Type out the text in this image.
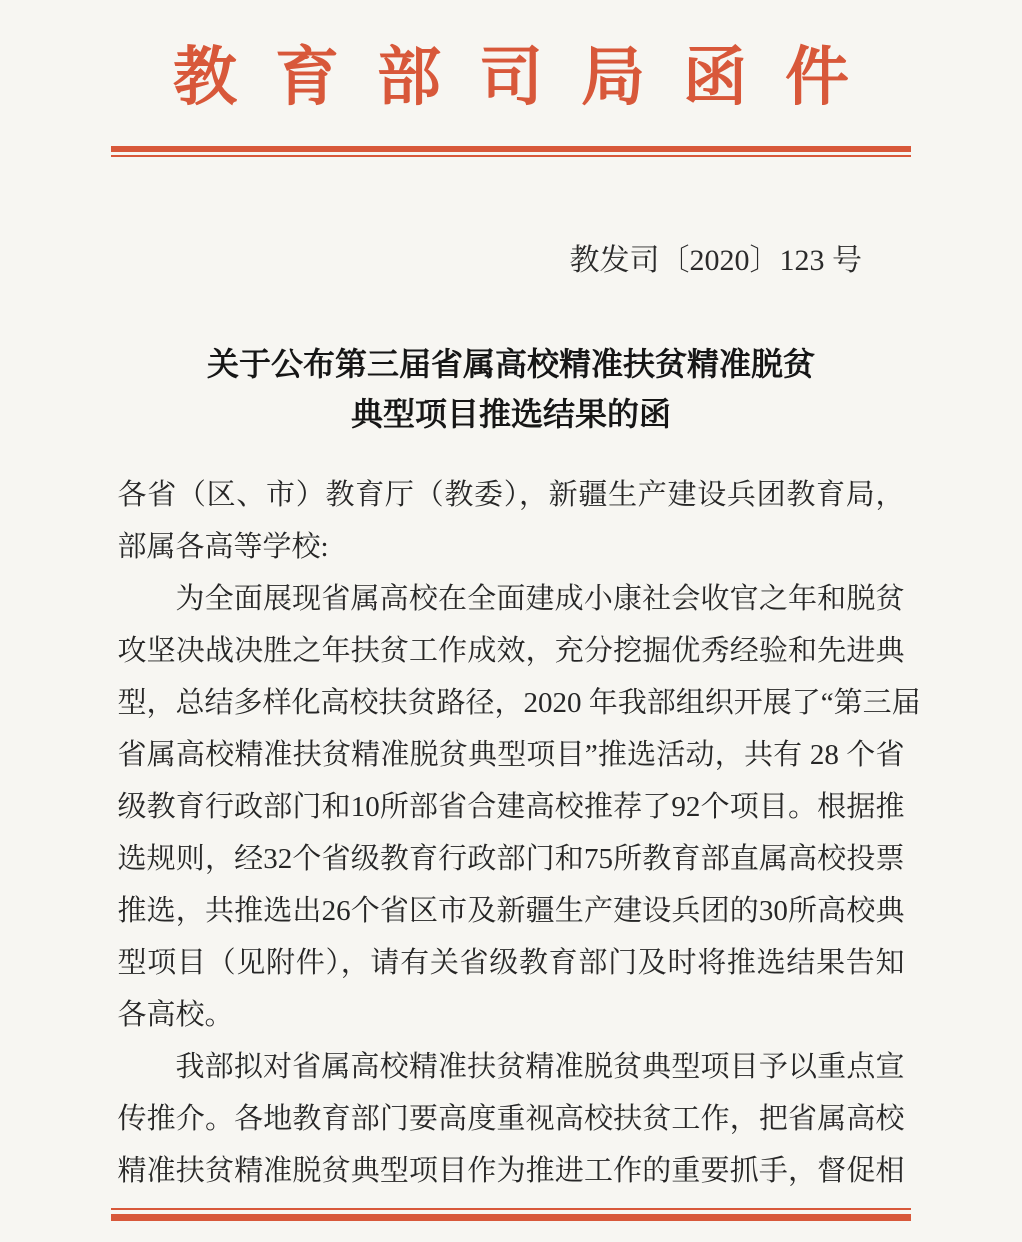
教育部司局函件
教发司〔2020〕123 号
关于公布第三届省属高校精准扶贫精准脱贫
典型项目推选结果的函
各省（区、市）教育厅（教委），新疆生产建设兵团教育局，
部属各高等学校:
为全面展现省属高校在全面建成小康社会收官之年和脱贫
攻坚决战决胜之年扶贫工作成效，充分挖掘优秀经验和先进典
型，总结多样化高校扶贫路径，2020 年我部组织开展了“第三届
省属高校精准扶贫精准脱贫典型项目”推选活动，共有 28 个省
级教育行政部门和10所部省合建高校推荐了92个项目。根据推
选规则，经32个省级教育行政部门和75所教育部直属高校投票
推选，共推选出26个省区市及新疆生产建设兵团的30所高校典
型项目（见附件），请有关省级教育部门及时将推选结果告知
各高校。
我部拟对省属高校精准扶贫精准脱贫典型项目予以重点宣
传推介。各地教育部门要高度重视高校扶贫工作，把省属高校
精准扶贫精准脱贫典型项目作为推进工作的重要抓手，督促相
